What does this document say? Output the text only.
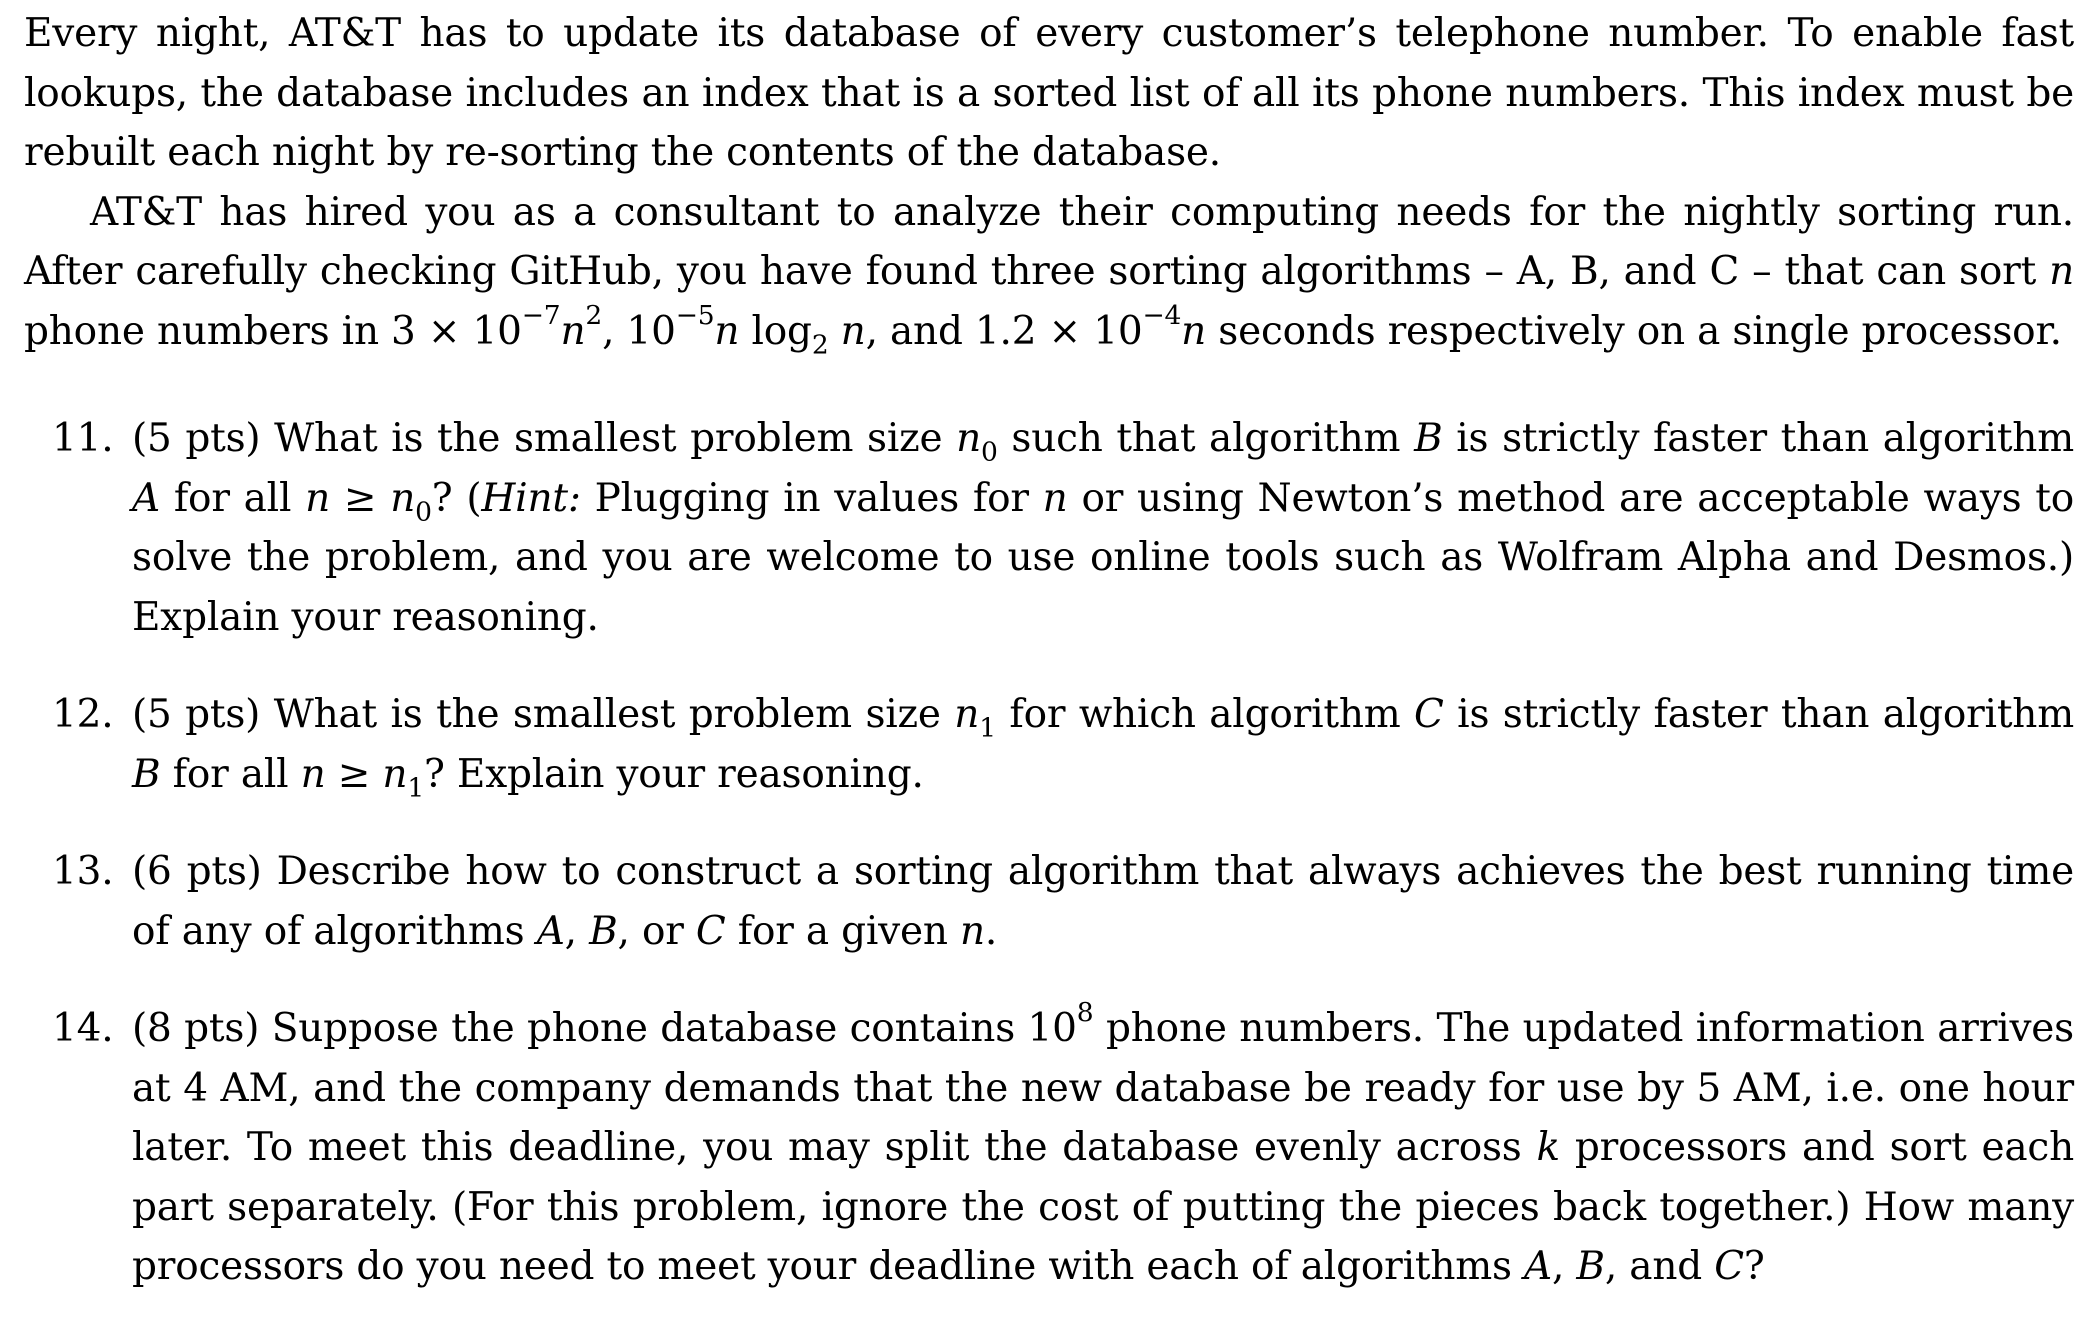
Every night, AT&T has to update its database of every customer’s telephone number. To enable fast lookups, the database includes an index that is a sorted list of all its phone numbers. This index must be rebuilt each night by re-sorting the contents of the database.

AT&T has hired you as a consultant to analyze their computing needs for the nightly sorting run. After carefully checking GitHub, you have found three sorting algorithms – A, B, and C – that can sort n phone numbers in $3 \times 10^{-7}n^2$, $10^{-5}n$ $\log_2 n$, and $1.2 \times 10^{-4}n$ seconds respectively on a single processor.

11. (5 pts) What is the smallest problem size $n_0$ such that algorithm B is strictly faster than algorithm A for all $n \ge n_0$? (Hint: Plugging in values for n or using Newton’s method are acceptable ways to solve the problem, and you are welcome to use online tools such as Wolfram Alpha and Desmos.) Explain your reasoning.
12. (5 pts) What is the smallest problem size $n_1$ for which algorithm C is strictly faster than algorithm B for all $n \ge n_1$? Explain your reasoning.
13. (6 pts) Describe how to construct a sorting algorithm that always achieves the best running time of any of algorithms A, B, or C for a given n.
14. (8 pts) Suppose the phone database contains $10^8$ phone numbers. The updated information arrives at 4 AM, and the company demands that the new database be ready for use by 5 AM, i.e. one hour later. To meet this deadline, you may split the database evenly across k processors and sort each part separately. (For this problem, ignore the cost of putting the pieces back together.) How many processors do you need to meet your deadline with each of algorithms A, B, and C?
